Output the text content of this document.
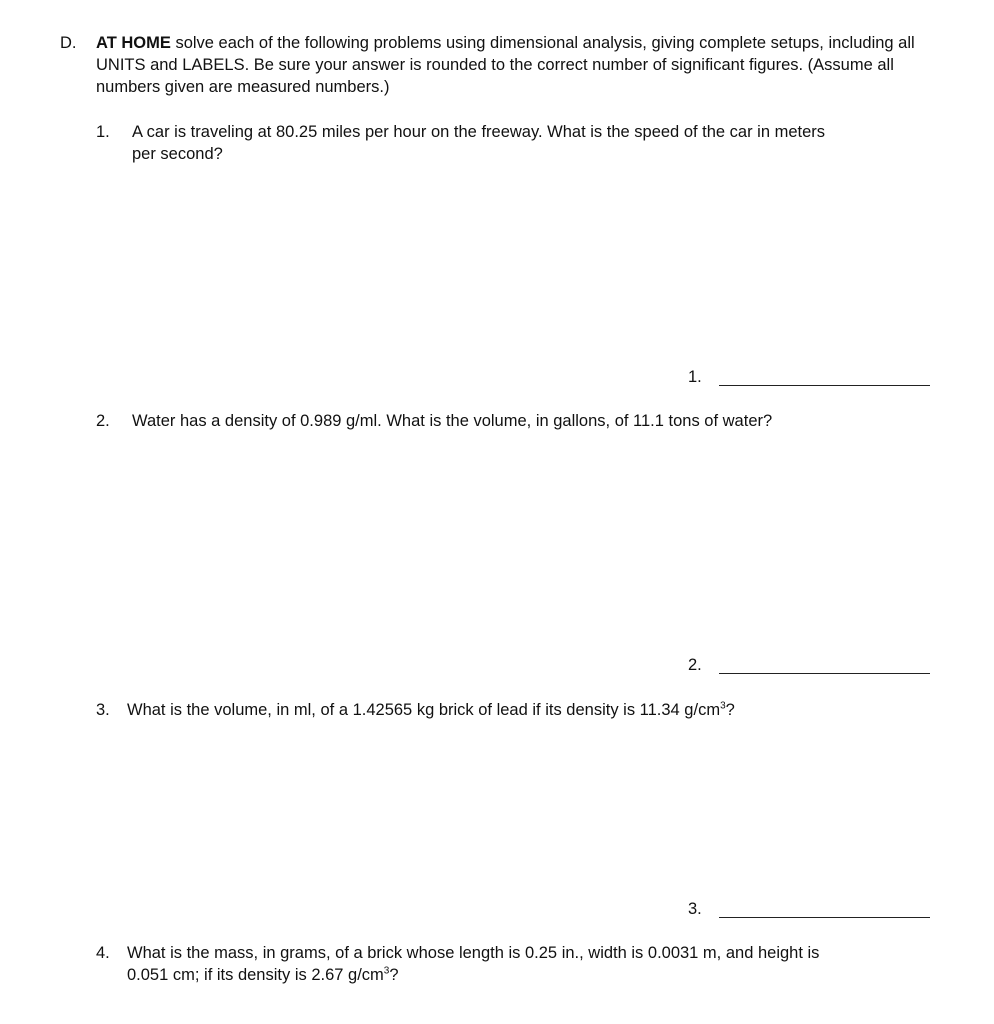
D. AT HOME solve each of the following problems using dimensional analysis, giving complete setups, including all UNITS and LABELS. Be sure your answer is rounded to the correct number of significant figures. (Assume all numbers given are measured numbers.)
1. A car is traveling at 80.25 miles per hour on the freeway. What is the speed of the car in meters
per second?
1.
2. Water has a density of 0.989 g/ml. What is the volume, in gallons, of 11.1 tons of water?
2.
3. What is the volume, in ml, of a 1.42565 kg brick of lead if its density is 11.34 $g/cm^3$?
3.
4. What is the mass, in grams, of a brick whose length is 0.25 in., width is 0.0031 m, and height is
0.051 cm; if its density is 2.67 $g/cm^3$?
